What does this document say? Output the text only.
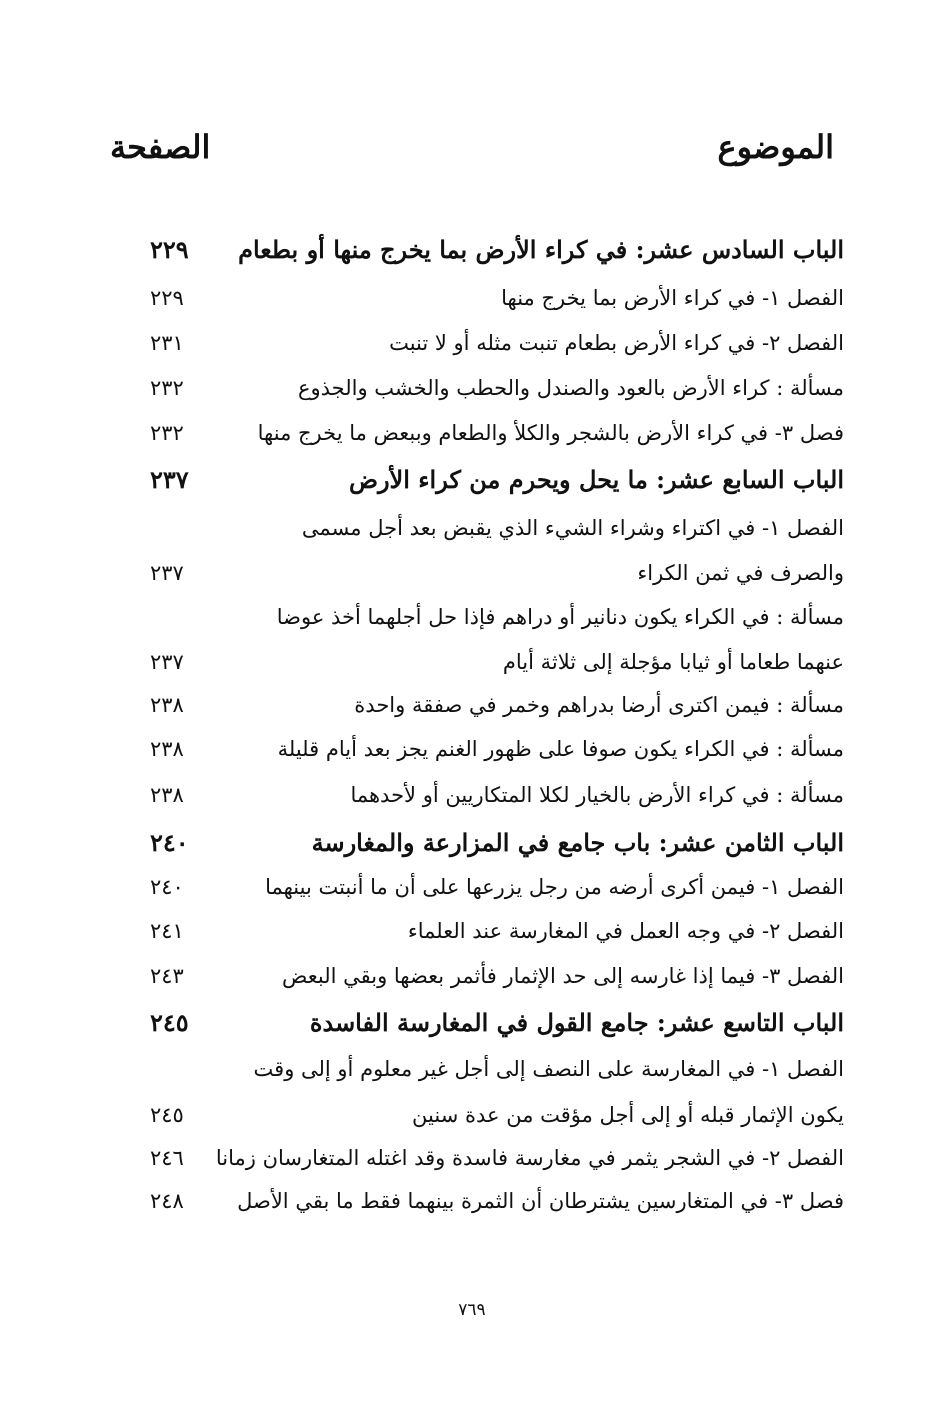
الموضوع
الصفحة
الباب السادس عشر: في كراء الأرض بما يخرج منها أو بطعام
٢٢٩
الفصل ١- في كراء الأرض بما يخرج منها
٢٢٩
الفصل ٢- في كراء الأرض بطعام تنبت مثله أو لا تنبت
٢٣١
مسألة : كراء الأرض بالعود والصندل والحطب والخشب والجذوع
٢٣٢
فصل ٣- في كراء الأرض بالشجر والكلأ والطعام وببعض ما يخرج منها
٢٣٢
الباب السابع عشر: ما يحل ويحرم من كراء الأرض
٢٣٧
الفصل ١- في اكتراء وشراء الشيء الذي يقبض بعد أجل مسمى
والصرف في ثمن الكراء
٢٣٧
مسألة : في الكراء يكون دنانير أو دراهم فإذا حل أجلهما أخذ عوضا
عنهما طعاما أو ثيابا مؤجلة إلى ثلاثة أيام
٢٣٧
مسألة : فيمن اكترى أرضا بدراهم وخمر في صفقة واحدة
٢٣٨
مسألة : في الكراء يكون صوفا على ظهور الغنم يجز بعد أيام قليلة
٢٣٨
مسألة : في كراء الأرض بالخيار لكلا المتكاريين أو لأحدهما
٢٣٨
الباب الثامن عشر: باب جامع في المزارعة والمغارسة
٢٤٠
الفصل ١- فيمن أكرى أرضه من رجل يزرعها على أن ما أنبتت بينهما
٢٤٠
الفصل ٢- في وجه العمل في المغارسة عند العلماء
٢٤١
الفصل ٣- فيما إذا غارسه إلى حد الإثمار فأثمر بعضها وبقي البعض
٢٤٣
الباب التاسع عشر: جامع القول في المغارسة الفاسدة
٢٤٥
الفصل ١- في المغارسة على النصف إلى أجل غير معلوم أو إلى وقت
يكون الإثمار قبله أو إلى أجل مؤقت من عدة سنين
٢٤٥
الفصل ٢- في الشجر يثمر في مغارسة فاسدة وقد اغتله المتغارسان زمانا
٢٤٦
فصل ٣- في المتغارسين يشترطان أن الثمرة بينهما فقط ما بقي الأصل
٢٤٨
٧٦٩
